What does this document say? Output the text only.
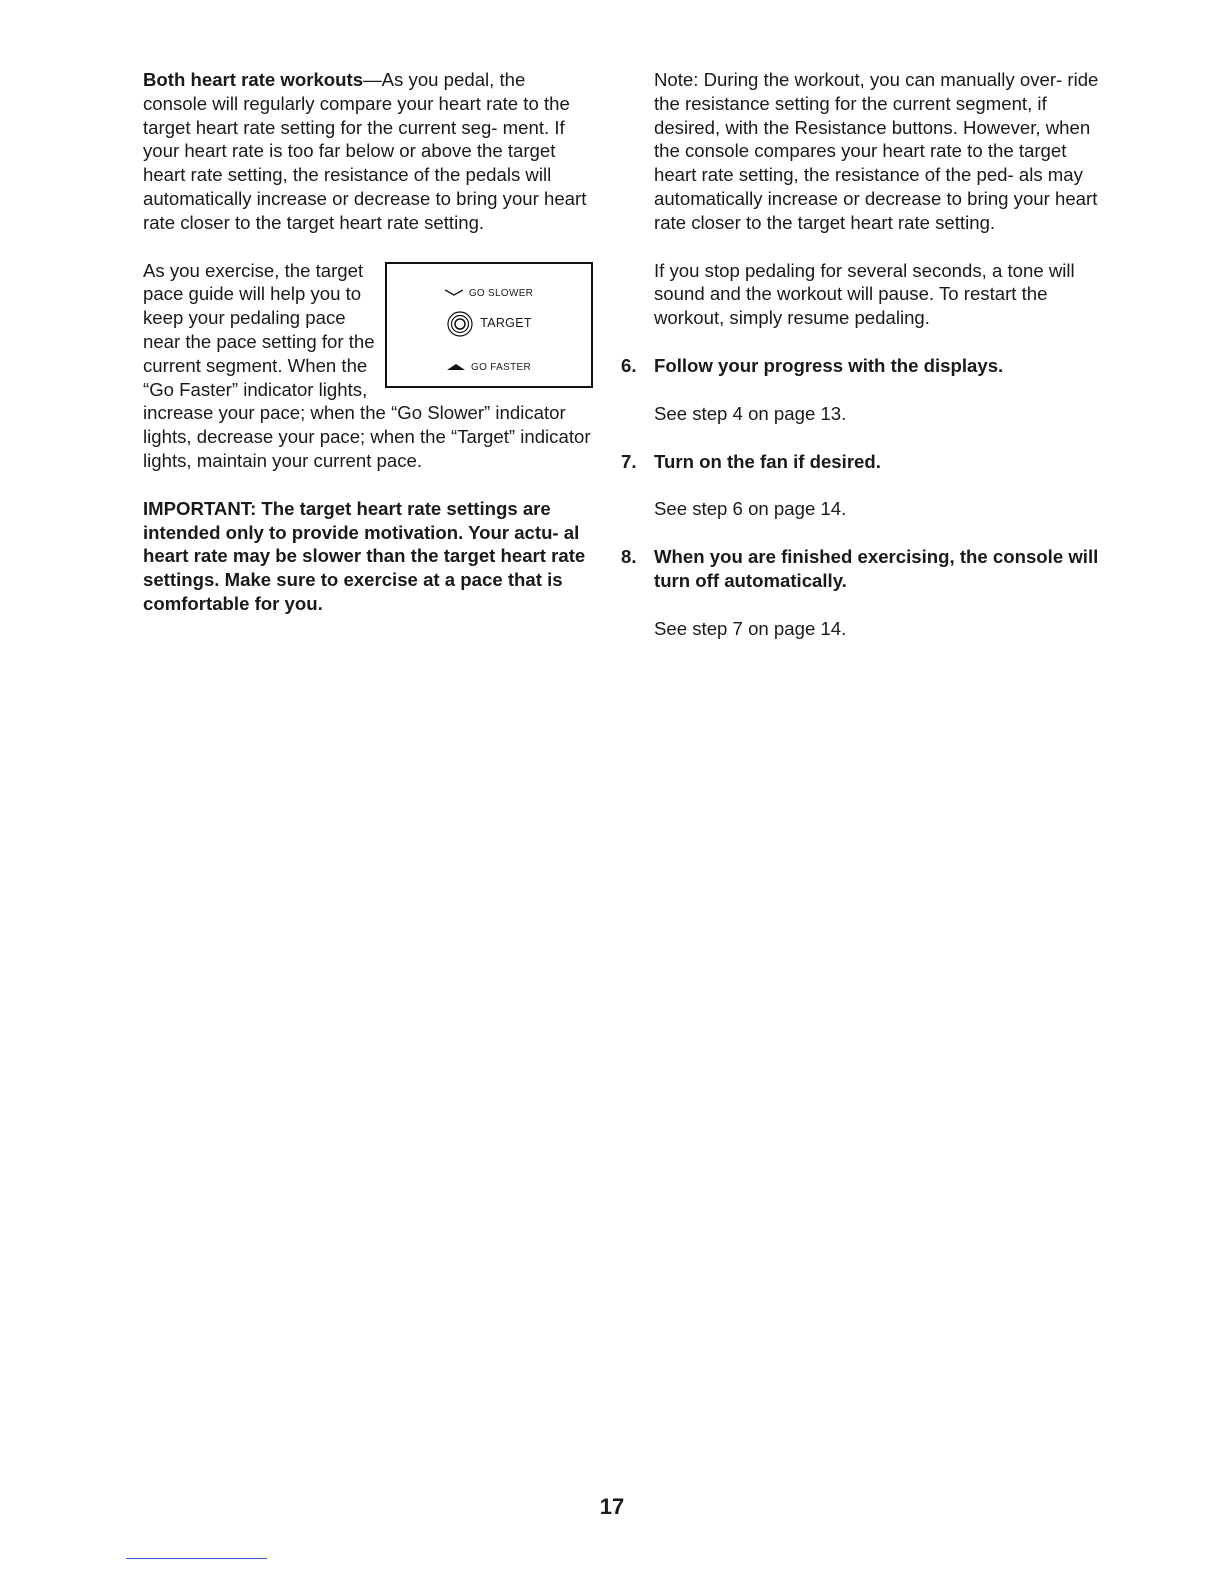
Both heart rate workouts—As you pedal, the console will regularly compare your heart rate to the target heart rate setting for the current seg- ment. If your heart rate is too far below or above the target heart rate setting, the resistance of the pedals will automatically increase or decrease to bring your heart rate closer to the target heart rate setting.

GO SLOWER
TARGET
GO FASTER

As you exercise, the target pace guide will help you to keep your pedaling pace near the pace setting for the current segment. When the “Go Faster” indicator lights, increase your pace; when the “Go Slower” indicator lights, decrease your pace; when the “Target” indicator lights, maintain your current pace.

IMPORTANT: The target heart rate settings are intended only to provide motivation. Your actu- al heart rate may be slower than the target heart rate settings. Make sure to exercise at a pace that is comfortable for you.

Note: During the workout, you can manually over- ride the resistance setting for the current segment, if desired, with the Resistance buttons. However, when the console compares your heart rate to the target heart rate setting, the resistance of the ped- als may automatically increase or decrease to bring your heart rate closer to the target heart rate setting.

If you stop pedaling for several seconds, a tone will sound and the workout will pause. To restart the workout, simply resume pedaling.

6. Follow your progress with the displays.

See step 4 on page 13.

7. Turn on the fan if desired.

See step 6 on page 14.

8. When you are finished exercising, the console will turn off automatically.

See step 7 on page 14.

17
